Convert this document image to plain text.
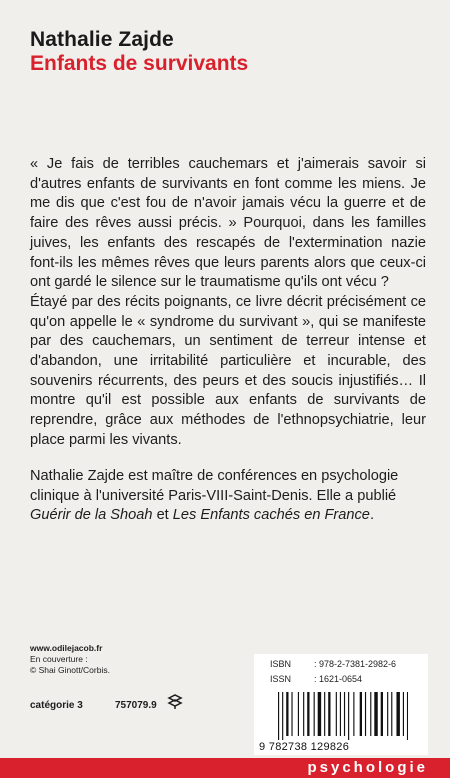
Nathalie Zajde
Enfants de survivants

« Je fais de terribles cauchemars et j'aimerais savoir si d'autres enfants de survivants en font comme les miens. Je me dis que c'est fou de n'avoir jamais vécu la guerre et de faire des rêves aussi précis. » Pourquoi, dans les familles juives, les enfants des rescapés de l'extermination nazie font-ils les mêmes rêves que leurs parents alors que ceux-ci ont gardé le silence sur le traumatisme qu'ils ont vécu ?

Étayé par des récits poignants, ce livre décrit précisément ce qu'on appelle le « syndrome du survivant », qui se manifeste par des cauchemars, un sentiment de terreur intense et d'abandon, une irritabilité particulière et incurable, des souvenirs récurrents, des peurs et des soucis injustifiés… Il montre qu'il est possible aux enfants de survivants de reprendre, grâce aux méthodes de l'ethnopsychiatrie, leur place parmi les vivants.

Nathalie Zajde est maître de conférences en psychologie clinique à l'université Paris-VIII-Saint-Denis. Elle a publié Guérir de la Shoah et Les Enfants cachés en France.

www.odilejacob.fr
En couverture :
© Shai Ginott/Corbis.
catégorie 3	757079.9
ISBN	: 978-2-7381-2982-6
ISSN	: 1621-0654
9 782738 129826
psychologie
